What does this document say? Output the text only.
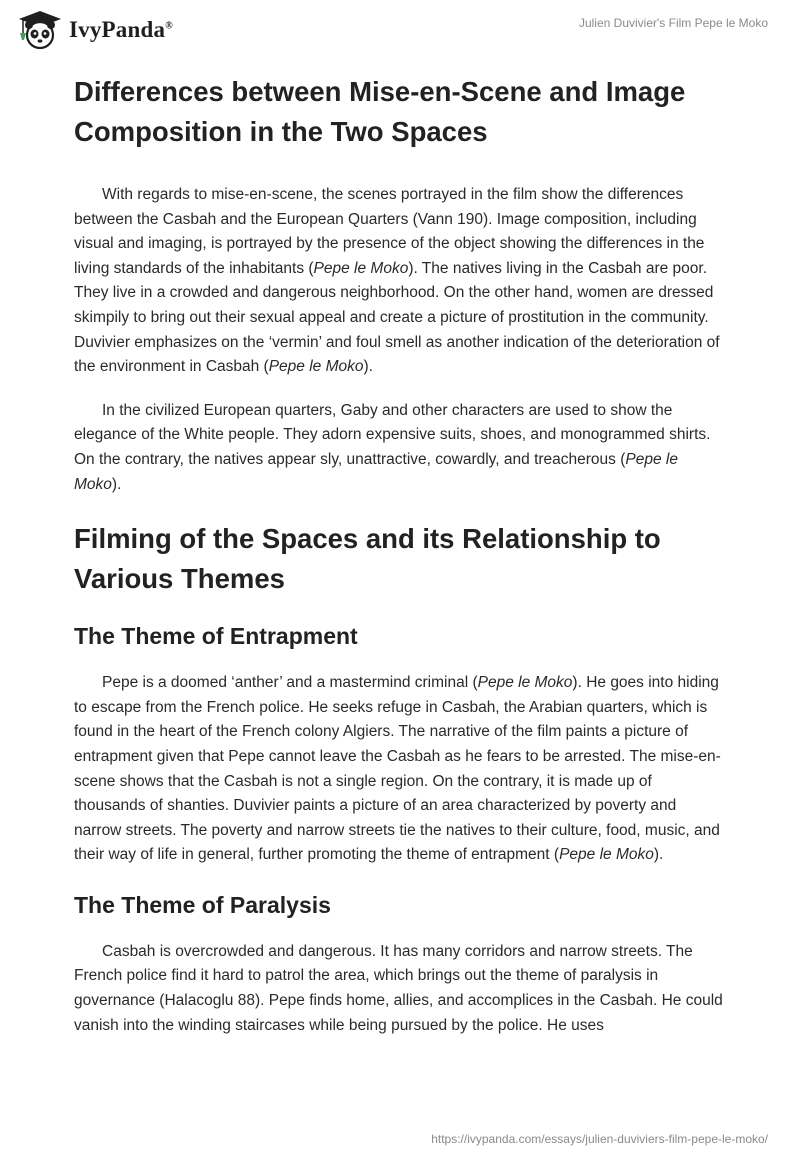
IvyPanda®	Julien Duvivier's Film Pepe le Moko
Differences between Mise-en-Scene and Image Composition in the Two Spaces

With regards to mise-en-scene, the scenes portrayed in the film show the differences between the Casbah and the European Quarters (Vann 190). Image composition, including visual and imaging, is portrayed by the presence of the object showing the differences in the living standards of the inhabitants (Pepe le Moko). The natives living in the Casbah are poor. They live in a crowded and dangerous neighborhood. On the other hand, women are dressed skimpily to bring out their sexual appeal and create a picture of prostitution in the community. Duvivier emphasizes on the ‘vermin’ and foul smell as another indication of the deterioration of the environment in Casbah (Pepe le Moko).

In the civilized European quarters, Gaby and other characters are used to show the elegance of the White people. They adorn expensive suits, shoes, and monogrammed shirts. On the contrary, the natives appear sly, unattractive, cowardly, and treacherous (Pepe le Moko).

Filming of the Spaces and its Relationship to Various Themes
The Theme of Entrapment

Pepe is a doomed ‘anther’ and a mastermind criminal (Pepe le Moko). He goes into hiding to escape from the French police. He seeks refuge in Casbah, the Arabian quarters, which is found in the heart of the French colony Algiers. The narrative of the film paints a picture of entrapment given that Pepe cannot leave the Casbah as he fears to be arrested. The mise-en-scene shows that the Casbah is not a single region. On the contrary, it is made up of thousands of shanties. Duvivier paints a picture of an area characterized by poverty and narrow streets. The poverty and narrow streets tie the natives to their culture, food, music, and their way of life in general, further promoting the theme of entrapment (Pepe le Moko).

The Theme of Paralysis

Casbah is overcrowded and dangerous. It has many corridors and narrow streets. The French police find it hard to patrol the area, which brings out the theme of paralysis in governance (Halacoglu 88). Pepe finds home, allies, and accomplices in the Casbah. He could vanish into the winding staircases while being pursued by the police. He uses

https://ivypanda.com/essays/julien-duviviers-film-pepe-le-moko/
